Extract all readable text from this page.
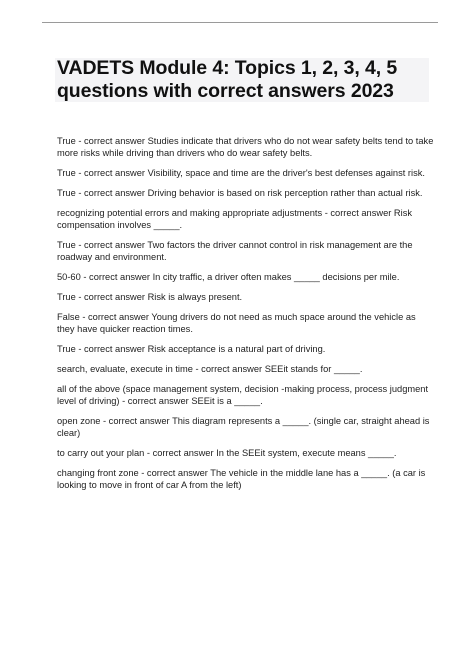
VADETS Module 4: Topics 1, 2, 3, 4, 5
questions with correct answers 2023
True - correct answer Studies indicate that drivers who do not wear safety belts tend to take more risks while driving than drivers who do wear safety belts.
True - correct answer Visibility, space and time are the driver's best defenses against risk.
True - correct answer Driving behavior is based on risk perception rather than actual risk.
recognizing potential errors and making appropriate adjustments - correct answer Risk compensation involves _____.
True - correct answer Two factors the driver cannot control in risk management are the roadway and environment.
50-60 - correct answer In city traffic, a driver often makes _____ decisions per mile.
True - correct answer Risk is always present.
False - correct answer Young drivers do not need as much space around the vehicle as they have quicker reaction times.
True - correct answer Risk acceptance is a natural part of driving.
search, evaluate, execute in time - correct answer SEEit stands for _____.
all of the above (space management system, decision -making process, process judgment level of driving) - correct answer SEEit is a _____.
open zone - correct answer This diagram represents a _____. (single car, straight ahead is clear)
to carry out your plan - correct answer In the SEEit system, execute means _____.
changing front zone - correct answer The vehicle in the middle lane has a _____. (a car is looking to move in front of car A from the left)
